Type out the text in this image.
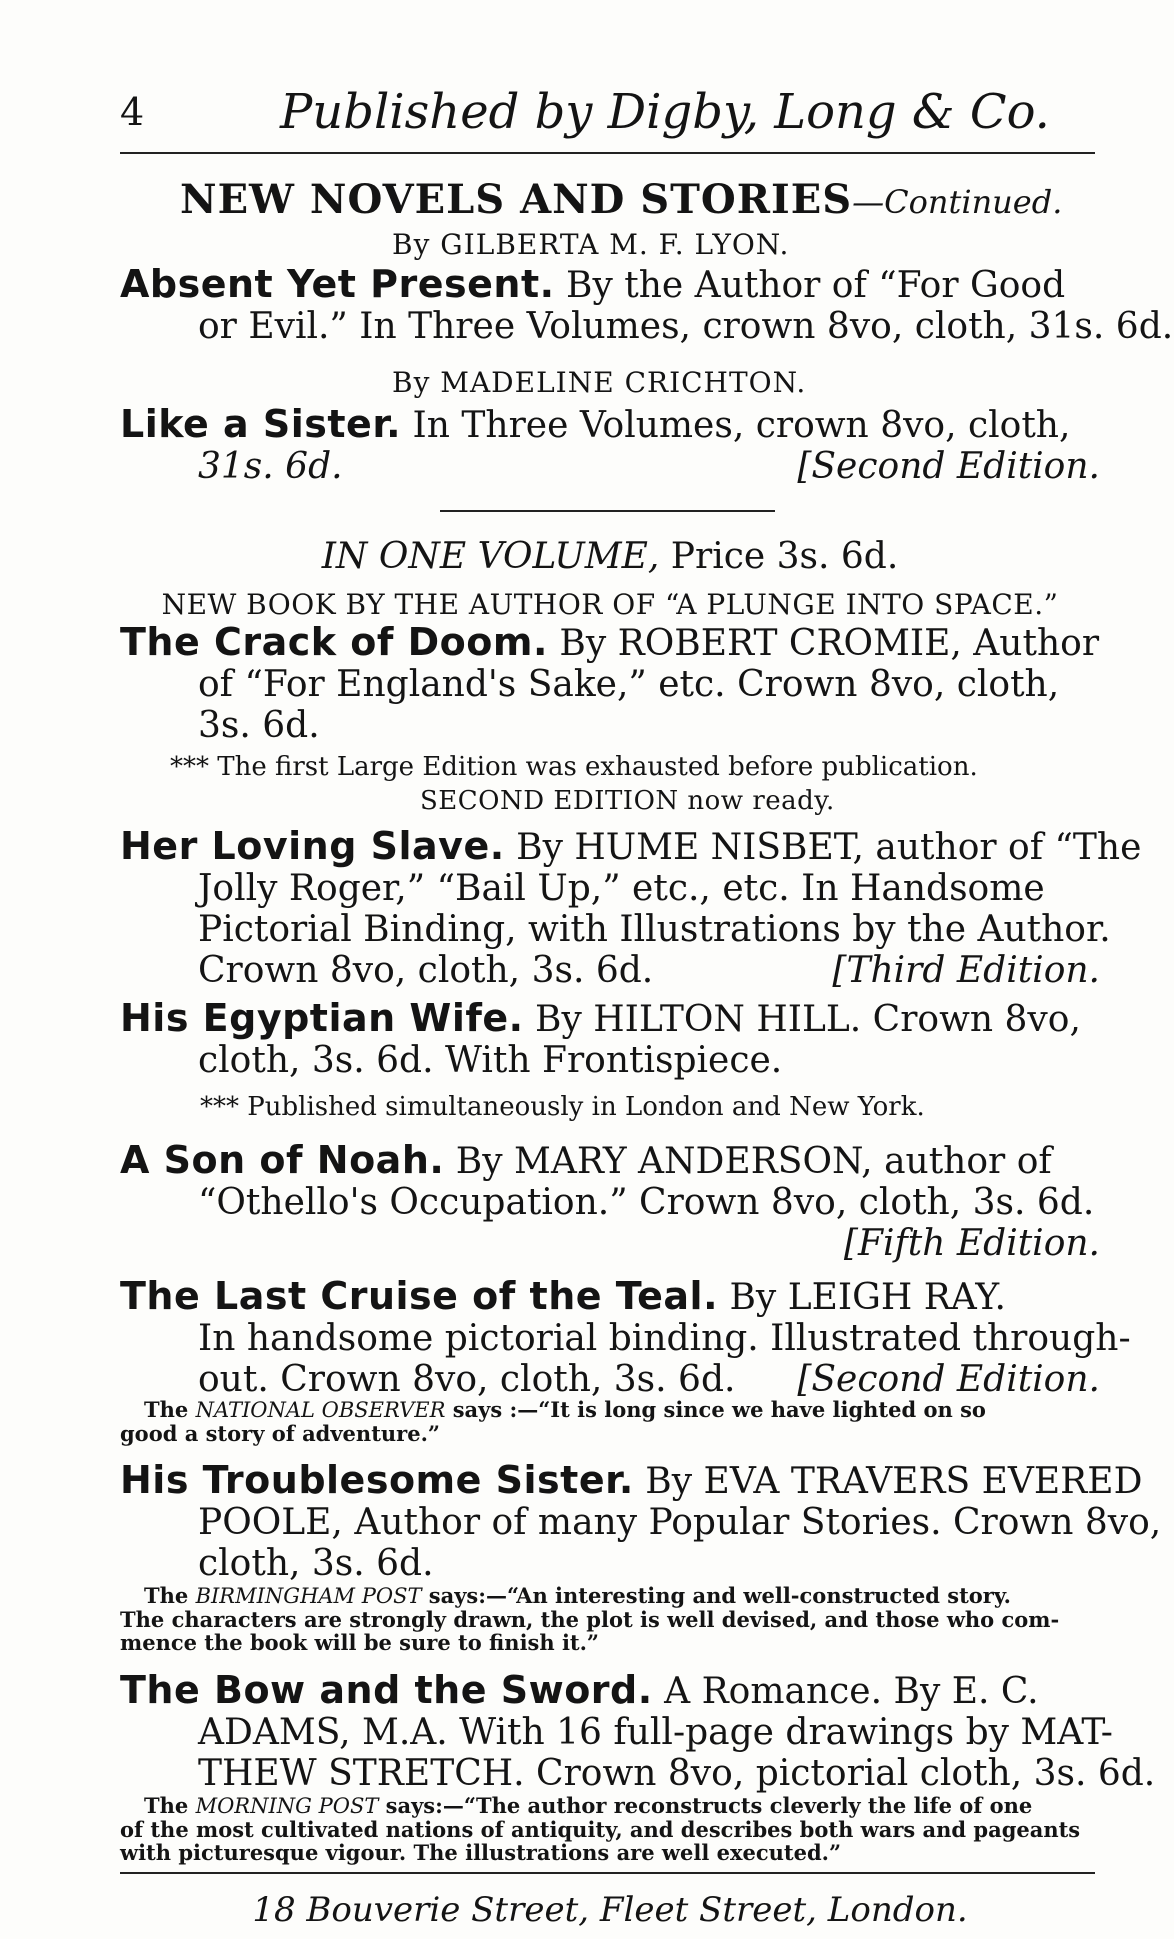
4	Published by Digby, Long & Co.
NEW NOVELS AND STORIES—Continued.
By GILBERTA M. F. LYON.
Absent Yet Present. By the Author of “For Good
or Evil.” In Three Volumes, crown 8vo, cloth, 31s. 6d.
By MADELINE CRICHTON.
Like a Sister. In Three Volumes, crown 8vo, cloth,
31s. 6d.	[Second Edition.
IN ONE VOLUME, Price 3s. 6d.
NEW BOOK BY THE AUTHOR OF “A PLUNGE INTO SPACE.”
The Crack of Doom. By ROBERT CROMIE, Author
of “For England's Sake,” etc. Crown 8vo, cloth,
3s. 6d.
*** The first Large Edition was exhausted before publication.
SECOND EDITION now ready.
Her Loving Slave. By HUME NISBET, author of “The
Jolly Roger,” “Bail Up,” etc., etc. In Handsome
Pictorial Binding, with Illustrations by the Author.
Crown 8vo, cloth, 3s. 6d.	[Third Edition.
His Egyptian Wife. By HILTON HILL. Crown 8vo,
cloth, 3s. 6d. With Frontispiece.
*** Published simultaneously in London and New York.
A Son of Noah. By MARY ANDERSON, author of
“Othello's Occupation.” Crown 8vo, cloth, 3s. 6d.
[Fifth Edition.
The Last Cruise of the Teal. By LEIGH RAY.
In handsome pictorial binding. Illustrated through-
out. Crown 8vo, cloth, 3s. 6d. [Second Edition.
The NATIONAL OBSERVER says :—“It is long since we have lighted on so
good a story of adventure.”
His Troublesome Sister. By EVA TRAVERS EVERED
POOLE, Author of many Popular Stories. Crown 8vo,
cloth, 3s. 6d.
The BIRMINGHAM POST says:—“An interesting and well-constructed story.
The characters are strongly drawn, the plot is well devised, and those who com-
mence the book will be sure to finish it.”
The Bow and the Sword. A Romance. By E. C.
ADAMS, M.A. With 16 full-page drawings by MAT-
THEW STRETCH. Crown 8vo, pictorial cloth, 3s. 6d.
The MORNING POST says:—“The author reconstructs cleverly the life of one
of the most cultivated nations of antiquity, and describes both wars and pageants
with picturesque vigour. The illustrations are well executed.”
18 Bouverie Street, Fleet Street, London.
